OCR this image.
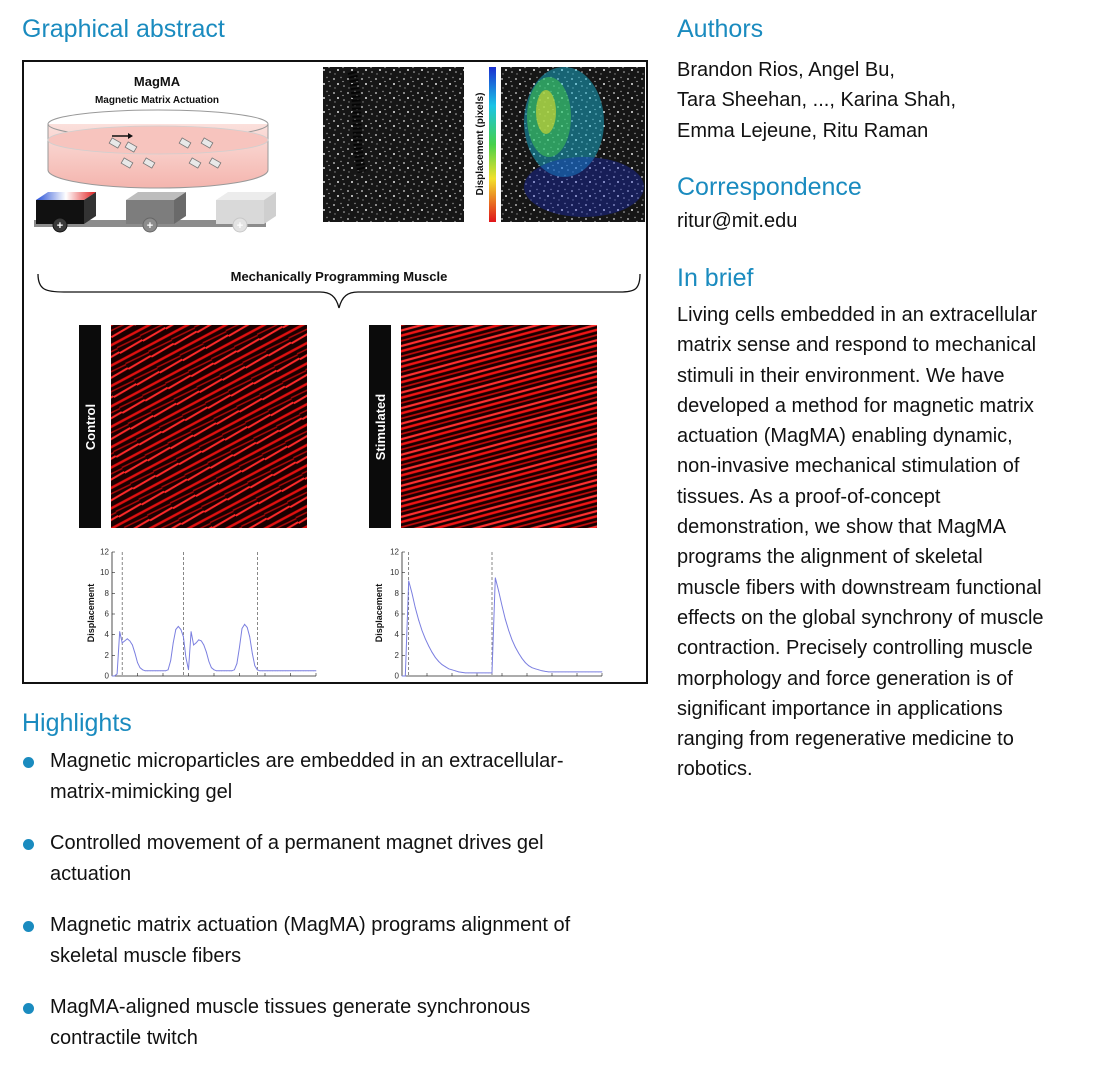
Graphical abstract
MagMA
Magnetic Matrix Actuation
+	+	+
Displacement (pixels)
Mechanically Programming Muscle
Control	Stimulated
Displacement
0
2
4
6
8
10
12
Displacement
0
2
4
6
8
10
12
Highlights
Magnetic microparticles are embedded in an extracellular-
matrix-mimicking gel
Controlled movement of a permanent magnet drives gel
actuation
Magnetic matrix actuation (MagMA) programs alignment of
skeletal muscle fibers
MagMA-aligned muscle tissues generate synchronous
contractile twitch
Authors
Brandon Rios, Angel Bu,
Tara Sheehan, ..., Karina Shah,
Emma Lejeune, Ritu Raman
Correspondence
ritur@mit.edu
In brief
Living cells embedded in an extracellular
matrix sense and respond to mechanical
stimuli in their environment. We have
developed a method for magnetic matrix
actuation (MagMA) enabling dynamic,
non-invasive mechanical stimulation of
tissues. As a proof-of-concept
demonstration, we show that MagMA
programs the alignment of skeletal
muscle fibers with downstream functional
effects on the global synchrony of muscle
contraction. Precisely controlling muscle
morphology and force generation is of
significant importance in applications
ranging from regenerative medicine to
robotics.
